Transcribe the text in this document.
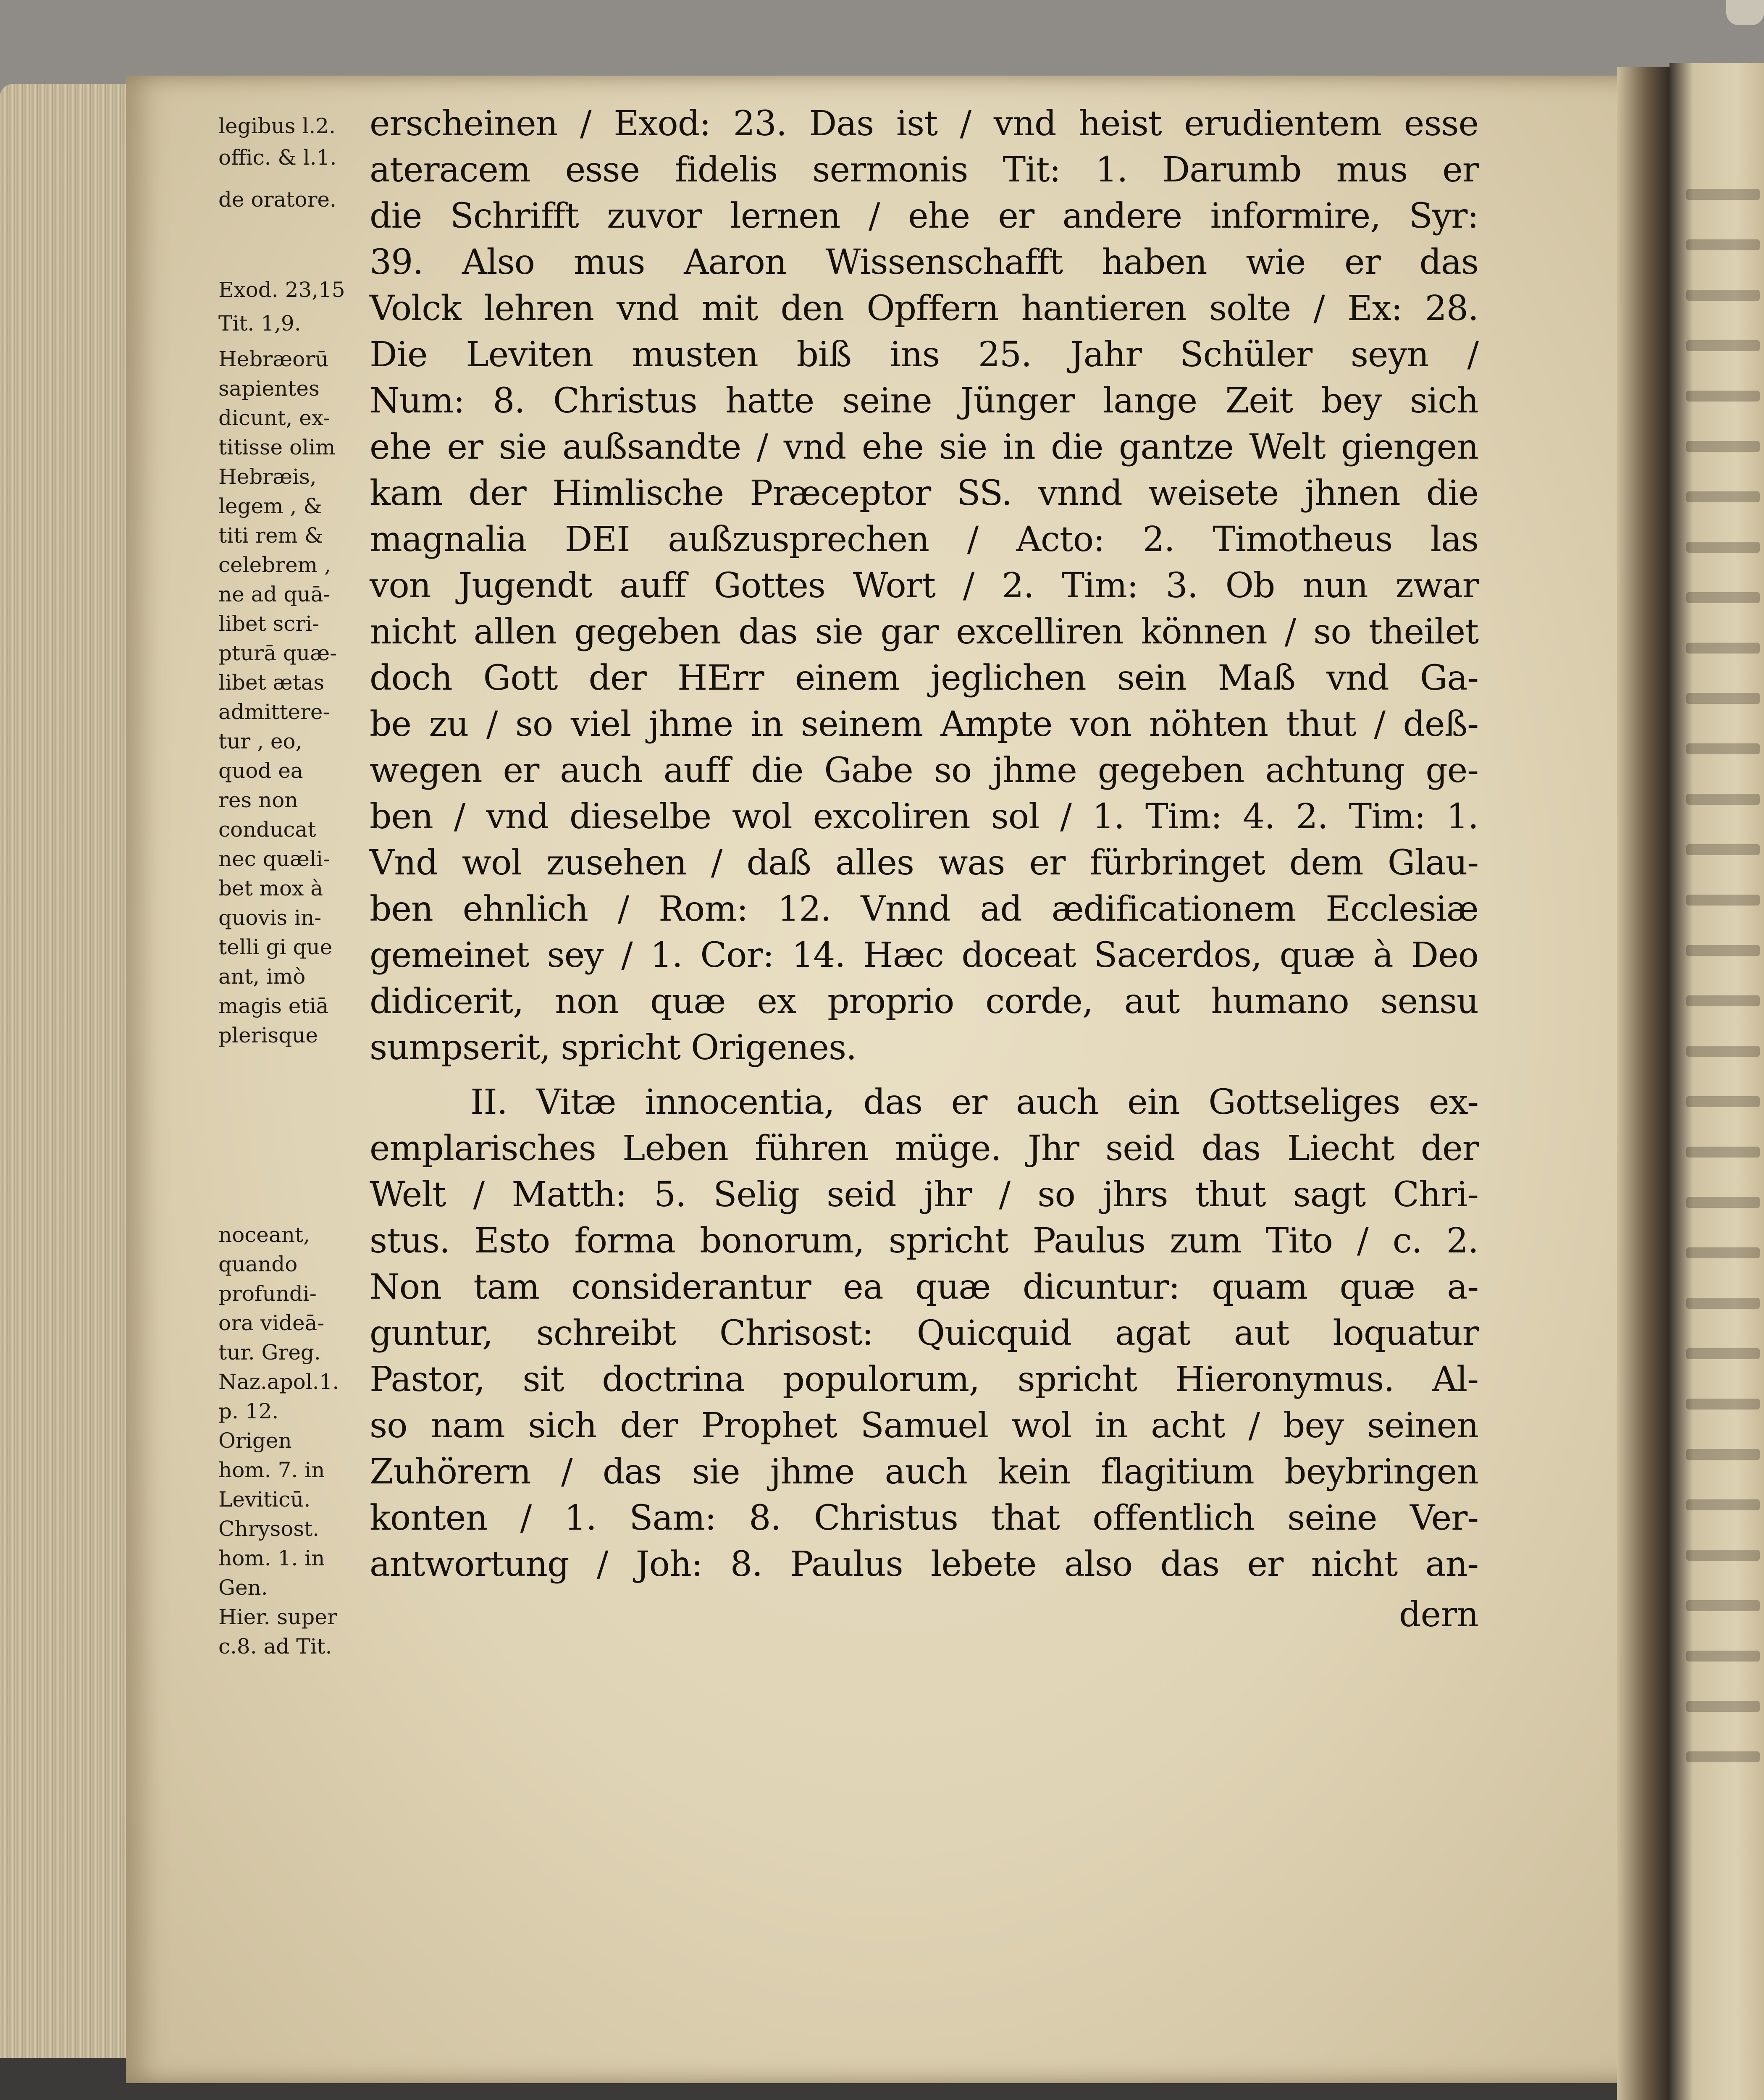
legibus l.2.
offic. & l.1.
de oratore.
Exod. 23,15
Tit. 1,9.
Hebræorū
sapientes
dicunt, ex-
titisse olim
Hebræis,
legem , &
titi rem &
celebrem ,
ne ad quā-
libet scri-
pturā quæ-
libet ætas
admittere-
tur , eo,
quod ea
res non
conducat
nec quæli-
bet mox à
quovis in-
telli gi que
ant, imò
magis etiā
plerisque
noceant,
quando
profundi-
ora videā-
tur. Greg.
Naz.apol.1.
p. 12.
Origen
hom. 7. in
Leviticū.
Chrysost.
hom. 1. in
Gen.
Hier. super
c.8. ad Tit.
erscheinen / Exod: 23. Das ist / vnd heist erudientem esse
ateracem esse fidelis sermonis Tit: 1. Darumb mus er
die Schrifft zuvor lernen / ehe er andere informire, Syr:
39. Also mus Aaron Wissenschafft haben wie er das
Volck lehren vnd mit den Opffern hantieren solte / Ex: 28.
Die Leviten musten biß ins 25. Jahr Schüler seyn /
Num: 8. Christus hatte seine Jünger lange Zeit bey sich
ehe er sie außsandte / vnd ehe sie in die gantze Welt giengen
kam der Himlische Præceptor SS. vnnd weisete jhnen die
magnalia DEI außzusprechen / Acto: 2. Timotheus las
von Jugendt auff Gottes Wort / 2. Tim: 3. Ob nun zwar
nicht allen gegeben das sie gar excelliren können / so theilet
doch Gott der HErr einem jeglichen sein Maß vnd Ga-
be zu / so viel jhme in seinem Ampte von nöhten thut / deß-
wegen er auch auff die Gabe so jhme gegeben achtung ge-
ben / vnd dieselbe wol excoliren sol / 1. Tim: 4. 2. Tim: 1.
Vnd wol zusehen / daß alles was er fürbringet dem Glau-
ben ehnlich / Rom: 12. Vnnd ad ædificationem Ecclesiæ
gemeinet sey / 1. Cor: 14. Hæc doceat Sacerdos, quæ à Deo
didicerit, non quæ ex proprio corde, aut humano sensu
sumpserit, spricht Origenes.
II. Vitæ innocentia, das er auch ein Gottseliges ex-
emplarisches Leben führen müge. Jhr seid das Liecht der
Welt / Matth: 5. Selig seid jhr / so jhrs thut sagt Chri-
stus. Esto forma bonorum, spricht Paulus zum Tito / c. 2.
Non tam considerantur ea quæ dicuntur: quam quæ a-
guntur, schreibt Chrisost: Quicquid agat aut loquatur
Pastor, sit doctrina populorum, spricht Hieronymus. Al-
so nam sich der Prophet Samuel wol in acht / bey seinen
Zuhörern / das sie jhme auch kein flagitium beybringen
konten / 1. Sam: 8. Christus that offentlich seine Ver-
antwortung / Joh: 8. Paulus lebete also das er nicht an-
dern
